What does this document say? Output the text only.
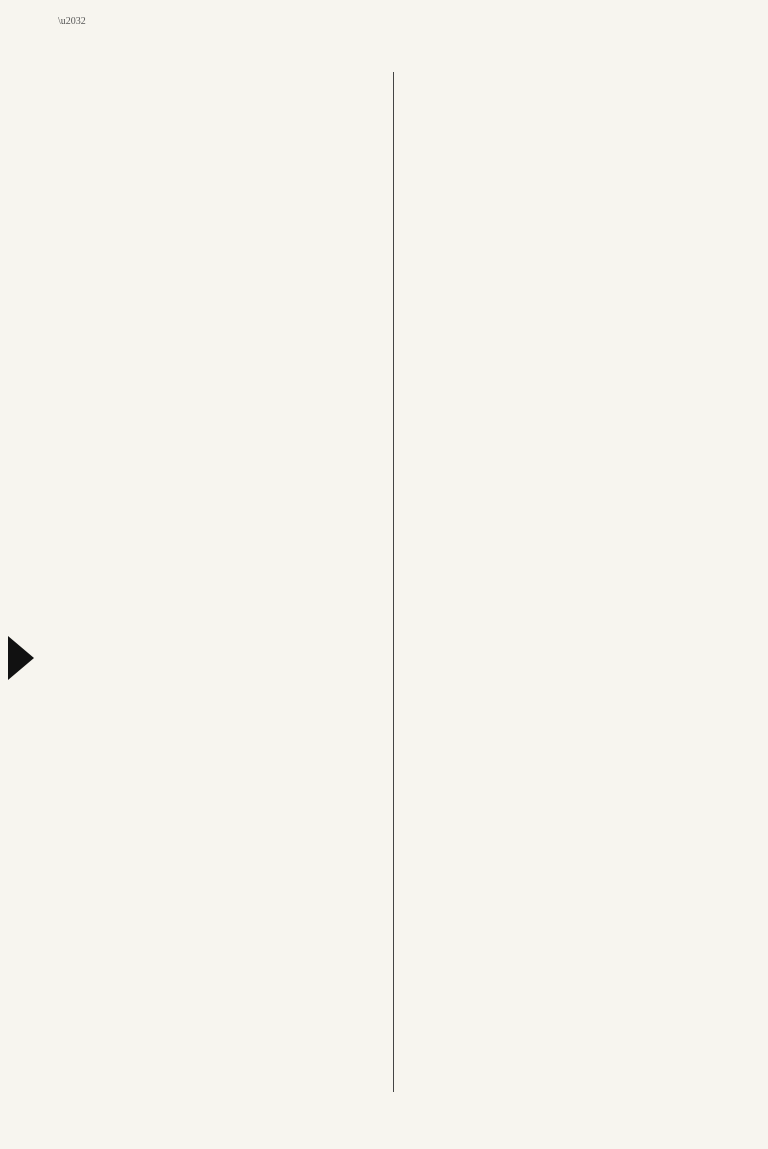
\u2032
